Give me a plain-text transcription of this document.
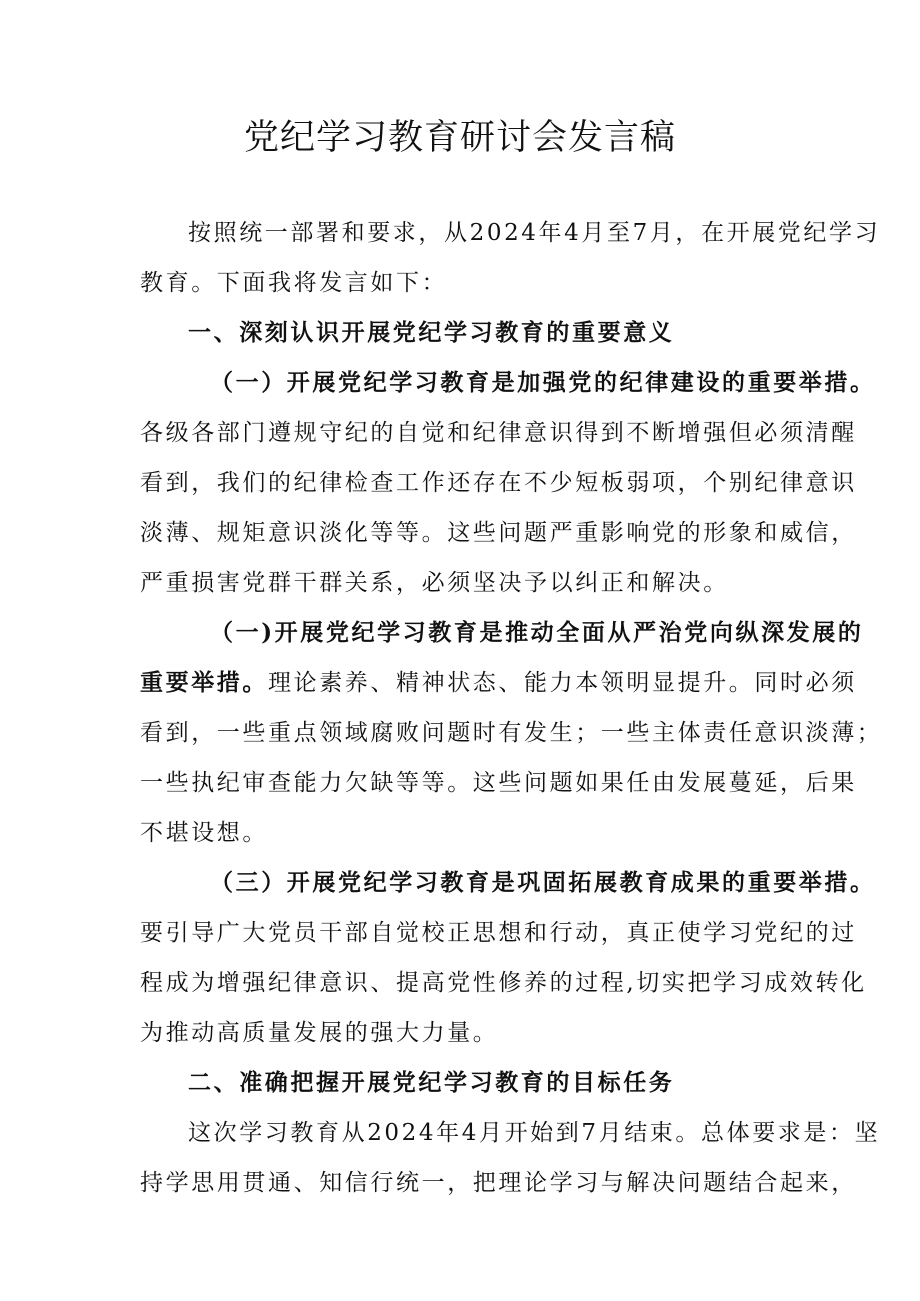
党纪学习教育研讨会发言稿
按照统一部署和要求，从2024年4月至7月，在开展党纪学习
教育。下面我将发言如下：
一、深刻认识开展党纪学习教育的重要意义
（一）开展党纪学习教育是加强党的纪律建设的重要举措。
各级各部门遵规守纪的自觉和纪律意识得到不断增强但必须清醒
看到，我们的纪律检查工作还存在不少短板弱项，个别纪律意识
淡薄、规矩意识淡化等等。这些问题严重影响党的形象和威信，
严重损害党群干群关系，必须坚决予以纠正和解决。
（一)开展党纪学习教育是推动全面从严治党向纵深发展的
重要举措。理论素养、精神状态、能力本领明显提升。同时必须
看到，一些重点领域腐败问题时有发生；一些主体责任意识淡薄；
一些执纪审查能力欠缺等等。这些问题如果任由发展蔓延，后果
不堪设想。
（三）开展党纪学习教育是巩固拓展教育成果的重要举措。
要引导广大党员干部自觉校正思想和行动，真正使学习党纪的过
程成为增强纪律意识、提高党性修养的过程,切实把学习成效转化
为推动高质量发展的强大力量。
二、准确把握开展党纪学习教育的目标任务
这次学习教育从2024年4月开始到7月结束。总体要求是：坚
持学思用贯通、知信行统一，把理论学习与解决问题结合起来，
